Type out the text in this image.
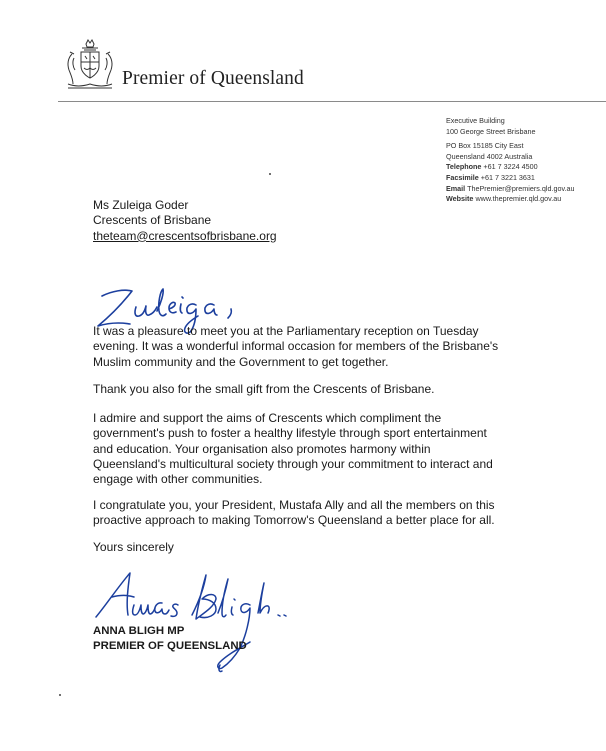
Premier of Queensland
Executive Building
100 George Street Brisbane
PO Box 15185 City East
Queensland 4002 Australia
Telephone +61 7 3224 4500
Facsimile +61 7 3221 3631
Email ThePremier@premiers.qld.gov.au
Website www.thepremier.qld.gov.au
Ms Zuleiga Goder
Crescents of Brisbane
theteam@crescentsofbrisbane.org
It was a pleasure to meet you at the Parliamentary reception on Tuesday
evening. It was a wonderful informal occasion for members of the Brisbane's
Muslim community and the Government to get together.
Thank you also for the small gift from the Crescents of Brisbane.
I admire and support the aims of Crescents which compliment the
government's push to foster a healthy lifestyle through sport entertainment
and education. Your organisation also promotes harmony within
Queensland's multicultural society through your commitment to interact and
engage with other communities.
I congratulate you, your President, Mustafa Ally and all the members on this
proactive approach to making Tomorrow's Queensland a better place for all.
Yours sincerely
ANNA BLIGH MP
PREMIER OF QUEENSLAND
